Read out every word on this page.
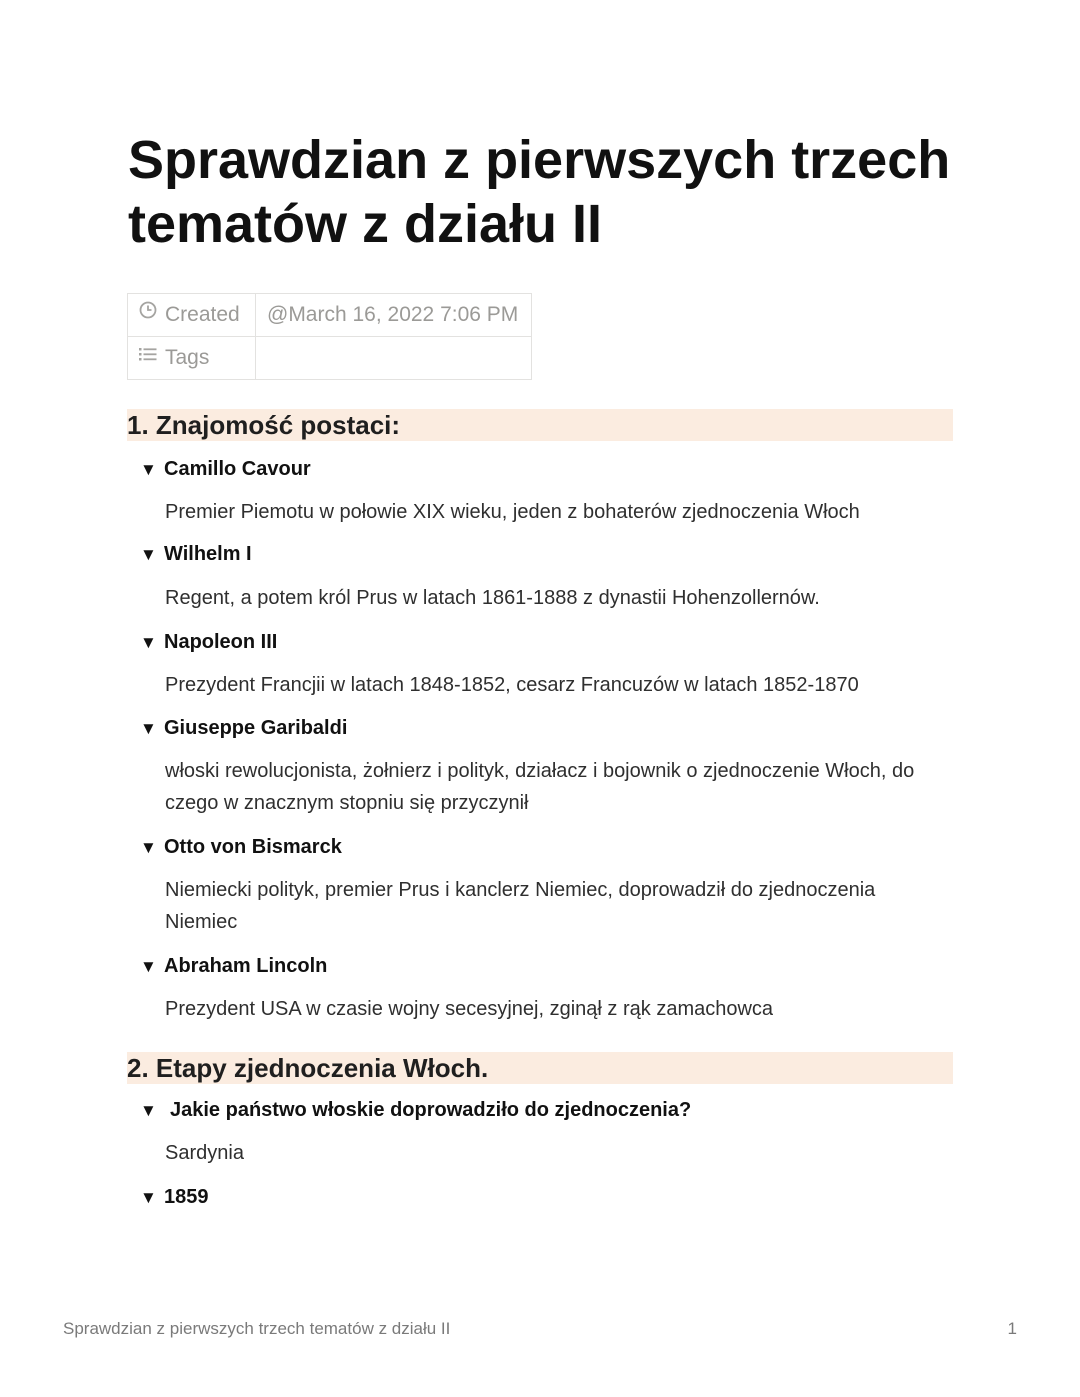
Sprawdzian z pierwszych trzech tematów z działu II
Created	@March 16, 2022 7:06 PM
Tags	
1. Znajomość postaci:
▼ Camillo Cavour
Premier Piemotu w połowie XIX wieku, jeden z bohaterów zjednoczenia Włoch
▼ Wilhelm I
Regent, a potem król Prus w latach 1861-1888 z dynastii Hohenzollernów.
▼ Napoleon III
Prezydent Francjii w latach 1848-1852, cesarz Francuzów w latach 1852-1870
▼ Giuseppe Garibaldi
włoski rewolucjonista, żołnierz i polityk, działacz i bojownik o zjednoczenie Włoch, do czego w znacznym stopniu się przyczynił
▼ Otto von Bismarck
Niemiecki polityk, premier Prus i kanclerz Niemiec, doprowadził do zjednoczenia Niemiec
▼ Abraham Lincoln
Prezydent USA w czasie wojny secesyjnej, zginął z rąk zamachowca
2. Etapy zjednoczenia Włoch.
▼ Jakie państwo włoskie doprowadziło do zjednoczenia?
Sardynia
▼ 1859
Sprawdzian z pierwszych trzech tematów z działu II	1
